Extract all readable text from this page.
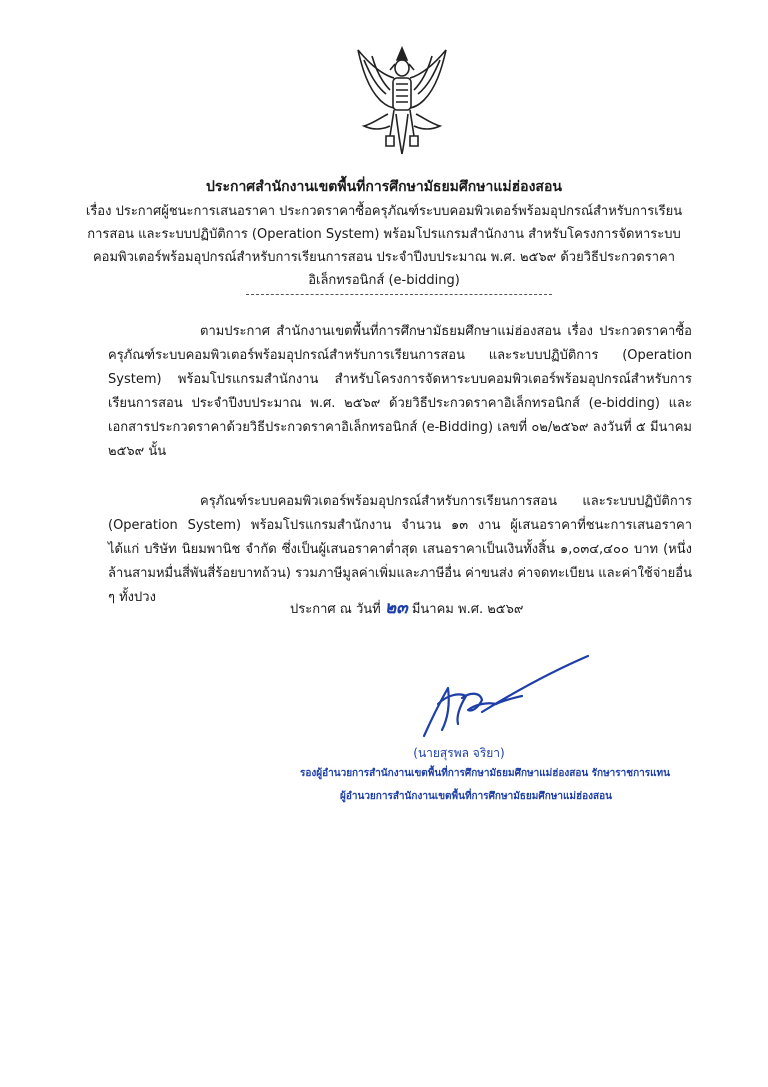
ประกาศสำนักงานเขตพื้นที่การศึกษามัธยมศึกษาแม่ฮ่องสอน
เรื่อง ประกาศผู้ชนะการเสนอราคา ประกวดราคาซื้อครุภัณฑ์ระบบคอมพิวเตอร์พร้อมอุปกรณ์สำหรับการเรียนการสอน และระบบปฏิบัติการ (Operation System) พร้อมโปรแกรมสำนักงาน สำหรับโครงการจัดหาระบบคอมพิวเตอร์พร้อมอุปกรณ์สำหรับการเรียนการสอน ประจำปีงบประมาณ พ.ศ. ๒๕๖๙ ด้วยวิธีประกวดราคาอิเล็กทรอนิกส์ (e-bidding)
ตามประกาศ สำนักงานเขตพื้นที่การศึกษามัธยมศึกษาแม่ฮ่องสอน เรื่อง ประกวดราคาซื้อครุภัณฑ์ระบบคอมพิวเตอร์พร้อมอุปกรณ์สำหรับการเรียนการสอน และระบบปฏิบัติการ (Operation System) พร้อมโปรแกรมสำนักงาน สำหรับโครงการจัดหาระบบคอมพิวเตอร์พร้อมอุปกรณ์สำหรับการเรียนการสอน ประจำปีงบประมาณ พ.ศ. ๒๕๖๙ ด้วยวิธีประกวดราคาอิเล็กทรอนิกส์ (e-bidding) และเอกสารประกวดราคาด้วยวิธีประกวดราคาอิเล็กทรอนิกส์ (e-Bidding) เลขที่ ๐๒/๒๕๖๙ ลงวันที่ ๕ มีนาคม ๒๕๖๙ นั้น
ครุภัณฑ์ระบบคอมพิวเตอร์พร้อมอุปกรณ์สำหรับการเรียนการสอน และระบบปฏิบัติการ (Operation System) พร้อมโปรแกรมสำนักงาน จำนวน ๑๓ งาน ผู้เสนอราคาที่ชนะการเสนอราคา ได้แก่ บริษัท นิยมพานิช จำกัด ซึ่งเป็นผู้เสนอราคาต่ำสุด เสนอราคาเป็นเงินทั้งสิ้น ๑,๐๓๔,๔๐๐ บาท (หนึ่งล้านสามหมื่นสี่พันสี่ร้อยบาทถ้วน) รวมภาษีมูลค่าเพิ่มและภาษีอื่น ค่าขนส่ง ค่าจดทะเบียน และค่าใช้จ่ายอื่น ๆ ทั้งปวง
ประกาศ ณ วันที่ ๒๓ มีนาคม พ.ศ. ๒๕๖๙
(นายสุรพล จริยา)
รองผู้อำนวยการสำนักงานเขตพื้นที่การศึกษามัธยมศึกษาแม่ฮ่องสอน รักษาราชการแทน
ผู้อำนวยการสำนักงานเขตพื้นที่การศึกษามัธยมศึกษาแม่ฮ่องสอน
